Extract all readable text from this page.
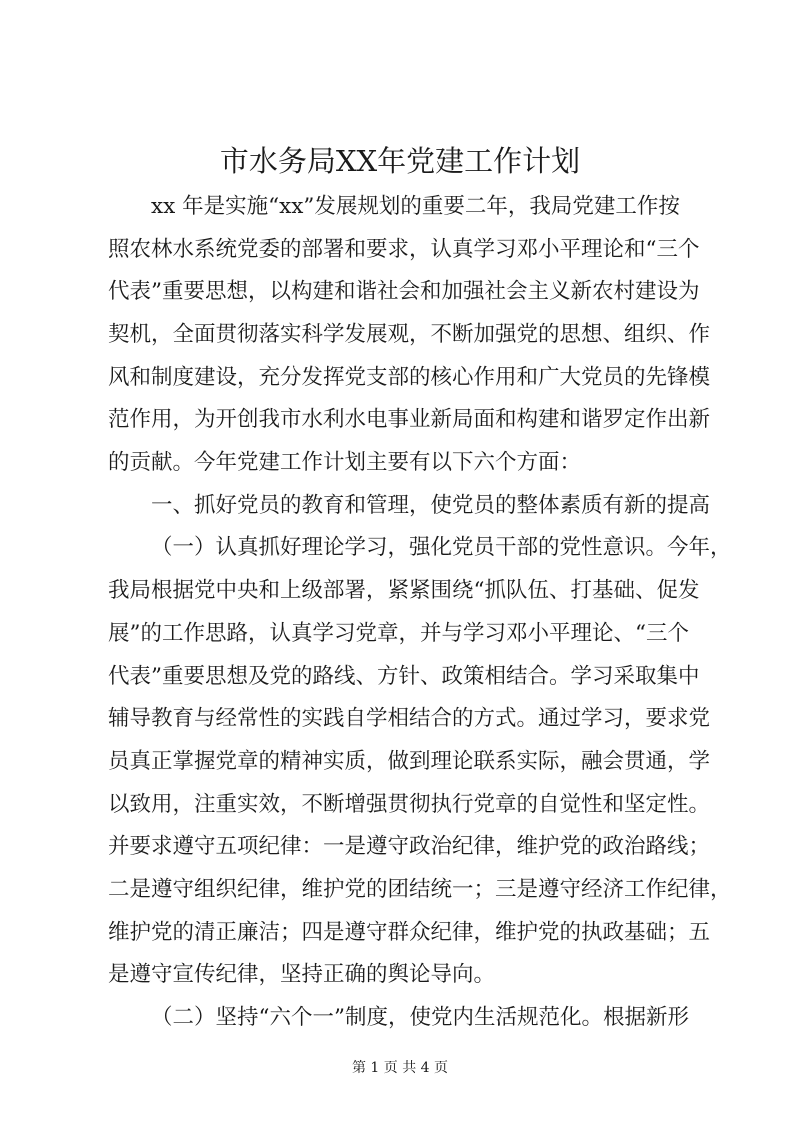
市水务局XX年党建工作计划
xx 年是实施“xx”发展规划的重要二年，我局党建工作按
照农林水系统党委的部署和要求，认真学习邓小平理论和“三个
代表”重要思想，以构建和谐社会和加强社会主义新农村建设为
契机，全面贯彻落实科学发展观，不断加强党的思想、组织、作
风和制度建设，充分发挥党支部的核心作用和广大党员的先锋模
范作用，为开创我市水利水电事业新局面和构建和谐罗定作出新
的贡献。今年党建工作计划主要有以下六个方面：
一、抓好党员的教育和管理，使党员的整体素质有新的提高
（一）认真抓好理论学习，强化党员干部的党性意识。今年，
我局根据党中央和上级部署，紧紧围绕“抓队伍、打基础、促发
展”的工作思路，认真学习党章，并与学习邓小平理论、“三个
代表”重要思想及党的路线、方针、政策相结合。学习采取集中
辅导教育与经常性的实践自学相结合的方式。通过学习，要求党
员真正掌握党章的精神实质，做到理论联系实际，融会贯通，学
以致用，注重实效，不断增强贯彻执行党章的自觉性和坚定性。
并要求遵守五项纪律：一是遵守政治纪律，维护党的政治路线；
二是遵守组织纪律，维护党的团结统一；三是遵守经济工作纪律，
维护党的清正廉洁；四是遵守群众纪律，维护党的执政基础；五
是遵守宣传纪律，坚持正确的舆论导向。
（二）坚持“六个一”制度，使党内生活规范化。根据新形
第 1 页 共 4 页
